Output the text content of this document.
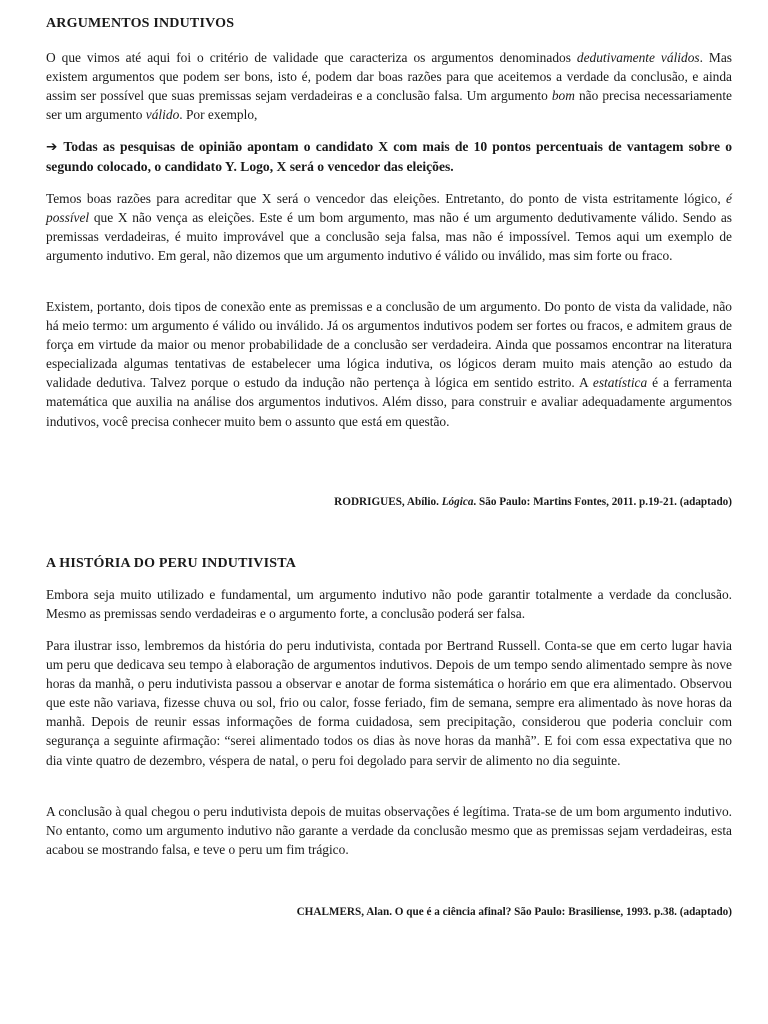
ARGUMENTOS INDUTIVOS

O que vimos até aqui foi o critério de validade que caracteriza os argumentos denominados dedutivamente válidos. Mas existem argumentos que podem ser bons, isto é, podem dar boas razões para que aceitemos a verdade da conclusão, e ainda assim ser possível que suas premissas sejam verdadeiras e a conclusão falsa. Um argumento bom não precisa necessariamente ser um argumento válido. Por exemplo,

➔ Todas as pesquisas de opinião apontam o candidato X com mais de 10 pontos percentuais de vantagem sobre o segundo colocado, o candidato Y. Logo, X será o vencedor das eleições.

Temos boas razões para acreditar que X será o vencedor das eleições. Entretanto, do ponto de vista estritamente lógico, é possível que X não vença as eleições. Este é um bom argumento, mas não é um argumento dedutivamente válido. Sendo as premissas verdadeiras, é muito improvável que a conclusão seja falsa, mas não é impossível. Temos aqui um exemplo de argumento indutivo. Em geral, não dizemos que um argumento indutivo é válido ou inválido, mas sim forte ou fraco.

Existem, portanto, dois tipos de conexão ente as premissas e a conclusão de um argumento. Do ponto de vista da validade, não há meio termo: um argumento é válido ou inválido. Já os argumentos indutivos podem ser fortes ou fracos, e admitem graus de força em virtude da maior ou menor probabilidade de a conclusão ser verdadeira. Ainda que possamos encontrar na literatura especializada algumas tentativas de estabelecer uma lógica indutiva, os lógicos deram muito mais atenção ao estudo da validade dedutiva. Talvez porque o estudo da indução não pertença à lógica em sentido estrito. A estatística é a ferramenta matemática que auxilia na análise dos argumentos indutivos. Além disso, para construir e avaliar adequadamente argumentos indutivos, você precisa conhecer muito bem o assunto que está em questão.

RODRIGUES, Abílio. Lógica. São Paulo: Martins Fontes, 2011. p.19-21. (adaptado)

A HISTÓRIA DO PERU INDUTIVISTA

Embora seja muito utilizado e fundamental, um argumento indutivo não pode garantir totalmente a verdade da conclusão. Mesmo as premissas sendo verdadeiras e o argumento forte, a conclusão poderá ser falsa.

Para ilustrar isso, lembremos da história do peru indutivista, contada por Bertrand Russell. Conta-se que em certo lugar havia um peru que dedicava seu tempo à elaboração de argumentos indutivos. Depois de um tempo sendo alimentado sempre às nove horas da manhã, o peru indutivista passou a observar e anotar de forma sistemática o horário em que era alimentado. Observou que este não variava, fizesse chuva ou sol, frio ou calor, fosse feriado, fim de semana, sempre era alimentado às nove horas da manhã. Depois de reunir essas informações de forma cuidadosa, sem precipitação, considerou que poderia concluir com segurança a seguinte afirmação: “serei alimentado todos os dias às nove horas da manhã”. E foi com essa expectativa que no dia vinte quatro de dezembro, véspera de natal, o peru foi degolado para servir de alimento no dia seguinte.

A conclusão à qual chegou o peru indutivista depois de muitas observações é legítima. Trata-se de um bom argumento indutivo. No entanto, como um argumento indutivo não garante a verdade da conclusão mesmo que as premissas sejam verdadeiras, esta acabou se mostrando falsa, e teve o peru um fim trágico.

CHALMERS, Alan. O que é a ciência afinal? São Paulo: Brasiliense, 1993. p.38. (adaptado)
